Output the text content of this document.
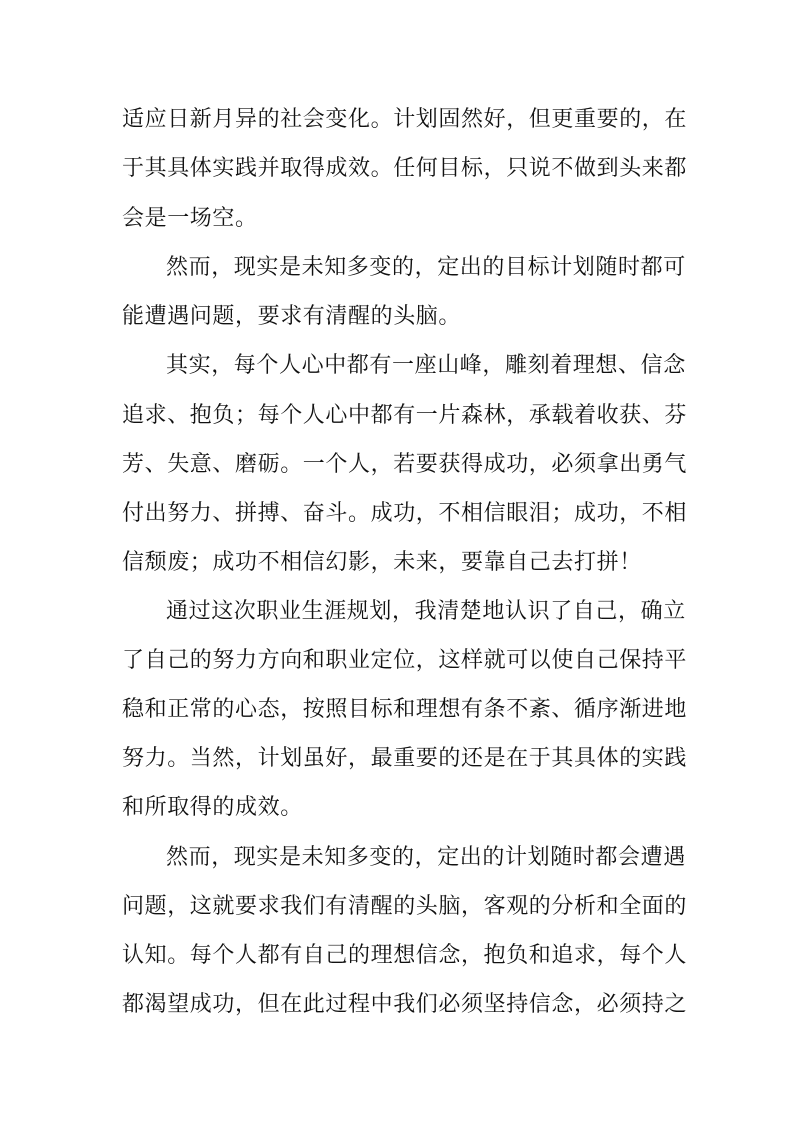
适应日新月异的社会变化。计划固然好，但更重要的，在
于其具体实践并取得成效。任何目标，只说不做到头来都
会是一场空。
然而，现实是未知多变的，定出的目标计划随时都可
能遭遇问题，要求有清醒的头脑。
其实，每个人心中都有一座山峰，雕刻着理想、信念
追求、抱负；每个人心中都有一片森林，承载着收获、芬
芳、失意、磨砺。一个人，若要获得成功，必须拿出勇气
付出努力、拼搏、奋斗。成功，不相信眼泪；成功，不相
信颓废；成功不相信幻影，未来，要靠自己去打拼！
通过这次职业生涯规划，我清楚地认识了自己，确立
了自己的努力方向和职业定位，这样就可以使自己保持平
稳和正常的心态，按照目标和理想有条不紊、循序渐进地
努力。当然，计划虽好，最重要的还是在于其具体的实践
和所取得的成效。
然而，现实是未知多变的，定出的计划随时都会遭遇
问题，这就要求我们有清醒的头脑，客观的分析和全面的
认知。每个人都有自己的理想信念，抱负和追求，每个人
都渴望成功，但在此过程中我们必须坚持信念，必须持之
